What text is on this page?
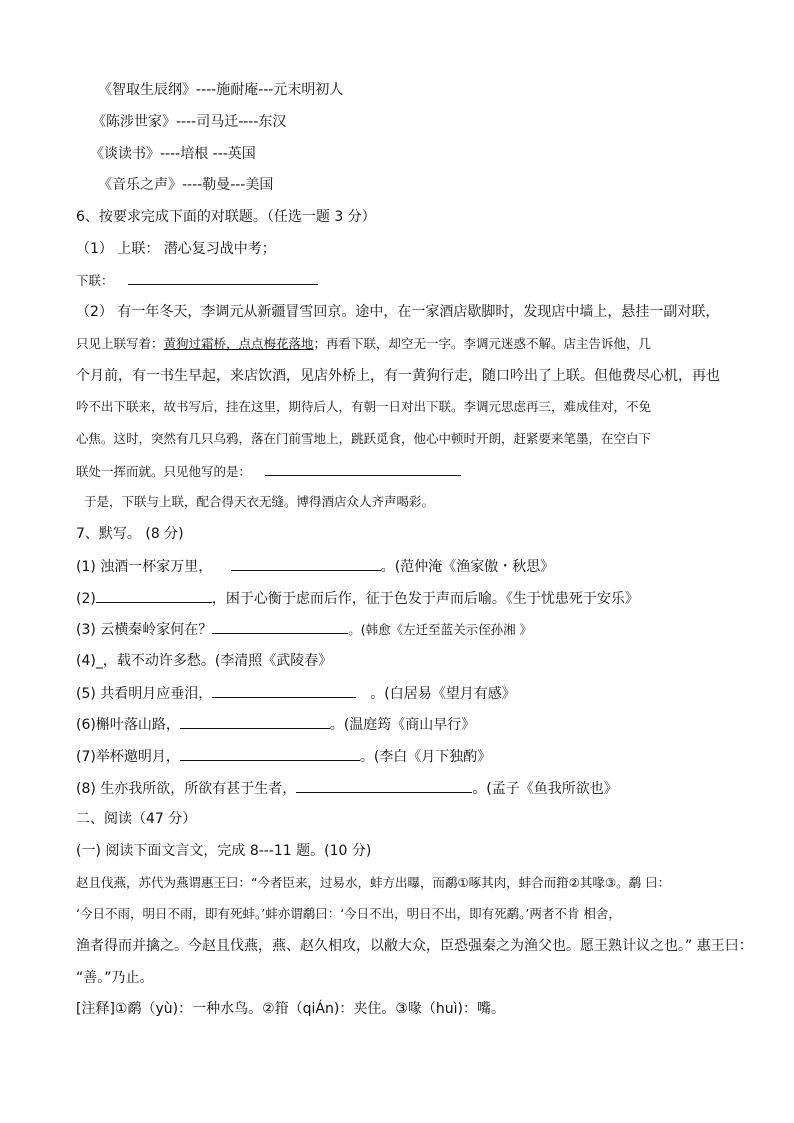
《智取生辰纲》----施耐庵---元末明初人
《陈涉世家》----司马迁----东汉
《谈读书》----培根 ---英国
《音乐之声》----勒曼---美国
6、按要求完成下面的对联题。（任选一题 3 分）
（1） 上联： 潜心复习战中考；
下联：
（2） 有一年冬天，李调元从新疆冒雪回京。途中，在一家酒店歇脚时，发现店中墙上，悬挂一副对联，
只见上联写着：黄狗过霜桥，点点梅花落地；再看下联，却空无一字。李调元迷惑不解。店主告诉他，几
个月前，有一书生早起，来店饮酒，见店外桥上，有一黄狗行走，随口吟出了上联。但他费尽心机，再也
吟不出下联来，故书写后，挂在这里，期待后人，有朝一日对出下联。李调元思虑再三，难成佳对，不免
心焦。这时，突然有几只乌鸦，落在门前雪地上，跳跃觅食，他心中顿时开朗，赶紧要来笔墨，在空白下
联处一挥而就。只见他写的是：
于是，下联与上联，配合得天衣无缝。博得酒店众人齐声喝彩。
7、默写。 (8 分)
(1) 浊酒一杯家万里，	。(范仲淹《渔家傲・秋思》
(2)	，困于心衡于虑而后作，征于色发于声而后喻。《生于忧患死于安乐》
(3) 云横秦岭家何在？	。(韩愈《左迁至蓝关示侄孙湘 》
(4)_，载不动许多愁。(李清照《武陵春》
(5) 共看明月应垂泪，	。(白居易《望月有感》
(6)槲叶落山路，	。(温庭筠《商山早行》
(7)举杯邀明月，	。(李白《月下独酌》
(8) 生亦我所欲，所欲有甚于生者，	。(孟子《鱼我所欲也》
二、阅读（47 分）
(一) 阅读下面文言文，完成 8---11 题。(10 分)
赵且伐燕，苏代为燕谓惠王曰：“今者臣来，过易水，蚌方出曝，而鹬①啄其肉，蚌合而箝②其喙③。鹬 曰：
‘今日不雨，明日不雨，即有死蚌。’蚌亦谓鹬曰：‘今日不出，明日不出，即有死鹬。’两者不肯 相舍，
渔者得而并擒之。今赵且伐燕，燕、赵久相攻，以敝大众，臣恐强秦之为渔父也。愿王熟计议之也。” 惠王曰：
“善。”乃止。
[注释]①鹬（yù)：一种水鸟。②箝（qiÁn)：夹住。③喙（huì)：嘴。
